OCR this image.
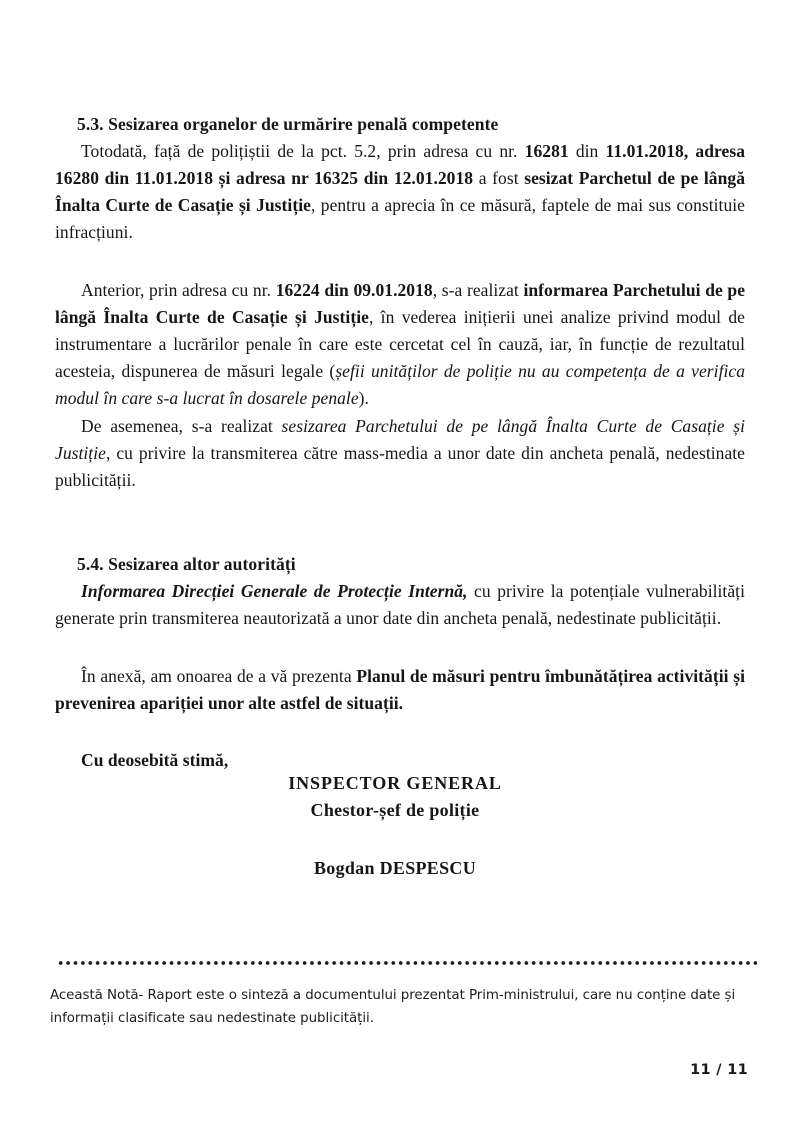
5.3. Sesizarea organelor de urmărire penală competente

Totodată, față de polițiștii de la pct. 5.2, prin adresa cu nr. 16281 din 11.01.2018, adresa 16280 din 11.01.2018 și adresa nr 16325 din 12.01.2018 a fost sesizat Parchetul de pe lângă Înalta Curte de Casație și Justiție, pentru a aprecia în ce măsură, faptele de mai sus constituie infracțiuni.

Anterior, prin adresa cu nr. 16224 din 09.01.2018, s-a realizat informarea Parchetului de pe lângă Înalta Curte de Casație și Justiție, în vederea inițierii unei analize privind modul de instrumentare a lucrărilor penale în care este cercetat cel în cauză, iar, în funcție de rezultatul acesteia, dispunerea de măsuri legale (șefii unităților de poliție nu au competența de a verifica modul în care s-a lucrat în dosarele penale).

De asemenea, s-a realizat sesizarea Parchetului de pe lângă Înalta Curte de Casație și Justiție, cu privire la transmiterea către mass-media a unor date din ancheta penală, nedestinate publicității.

5.4. Sesizarea altor autorități

Informarea Direcției Generale de Protecție Internă, cu privire la potențiale vulnerabilități generate prin transmiterea neautorizată a unor date din ancheta penală, nedestinate publicității.

În anexă, am onoarea de a vă prezenta Planul de măsuri pentru îmbunătățirea activității și prevenirea apariției unor alte astfel de situații.

Cu deosebită stimă,

INSPECTOR GENERAL
Chestor-șef de poliție
Bogdan DESPESCU
Această Notă- Raport este o sinteză a documentului prezentat Prim-ministrului, care nu conține date și informații clasificate sau nedestinate publicității.
11 / 11
